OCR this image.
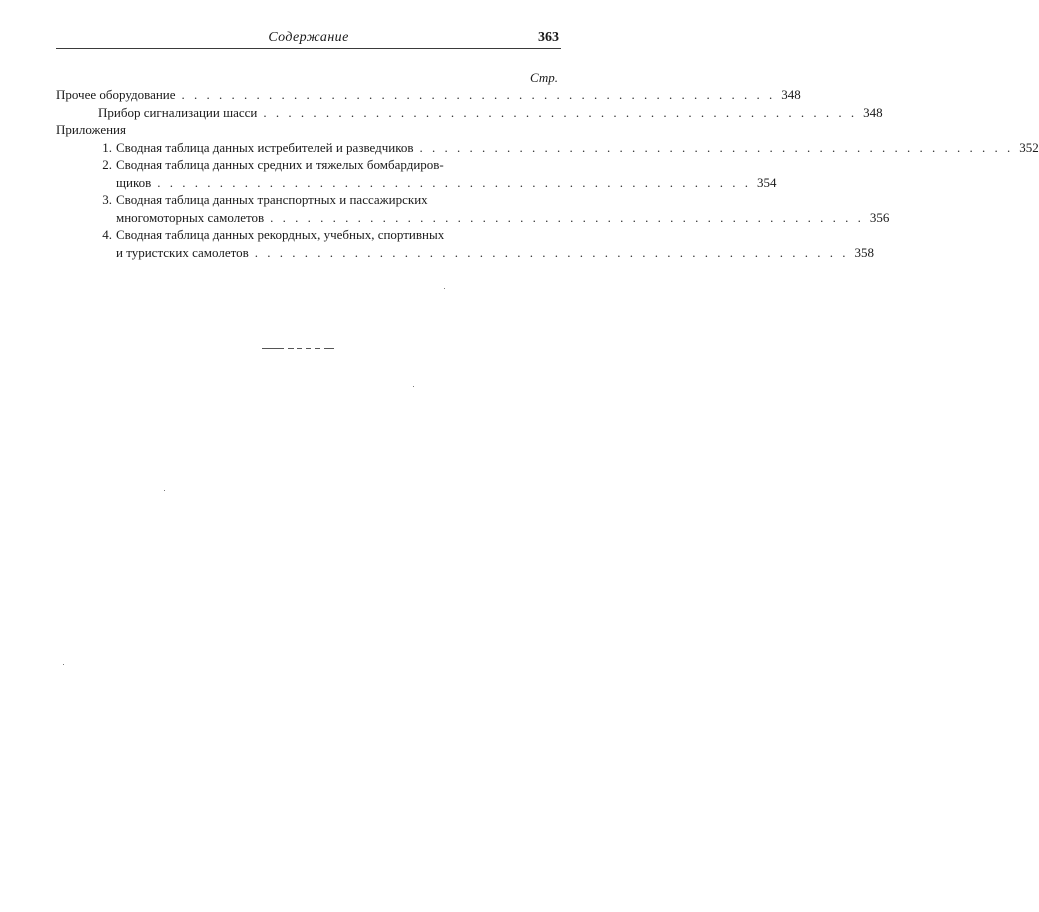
Содержание	363
Стр.
Прочее оборудование . . . . . . . . . . . . . . . . . . . . . . . . . . . . . . . . . . . . . . . . . . . . . . . . 348
Прибор сигнализации шасси . . . . . . . . . . . . . . . . . . . . . . . . . . . . . . . . . . . . . . . . . . . . . . . . 348
Приложения
1. Сводная таблица данных истребителей и разведчиков . . . . . . . . . . . . . . . . . . . . . . . . . . . . . . . . . . . . . . . . . . . . . . . . 352
2. Сводная таблица данных средних и тяжелых бомбардиров-
щиков . . . . . . . . . . . . . . . . . . . . . . . . . . . . . . . . . . . . . . . . . . . . . . . . 354
3. Сводная таблица данных транспортных и пассажирских
многомоторных самолетов . . . . . . . . . . . . . . . . . . . . . . . . . . . . . . . . . . . . . . . . . . . . . . . . 356
4. Сводная таблица данных рекордных, учебных, спортивных
и туристских самолетов . . . . . . . . . . . . . . . . . . . . . . . . . . . . . . . . . . . . . . . . . . . . . . . . 358
